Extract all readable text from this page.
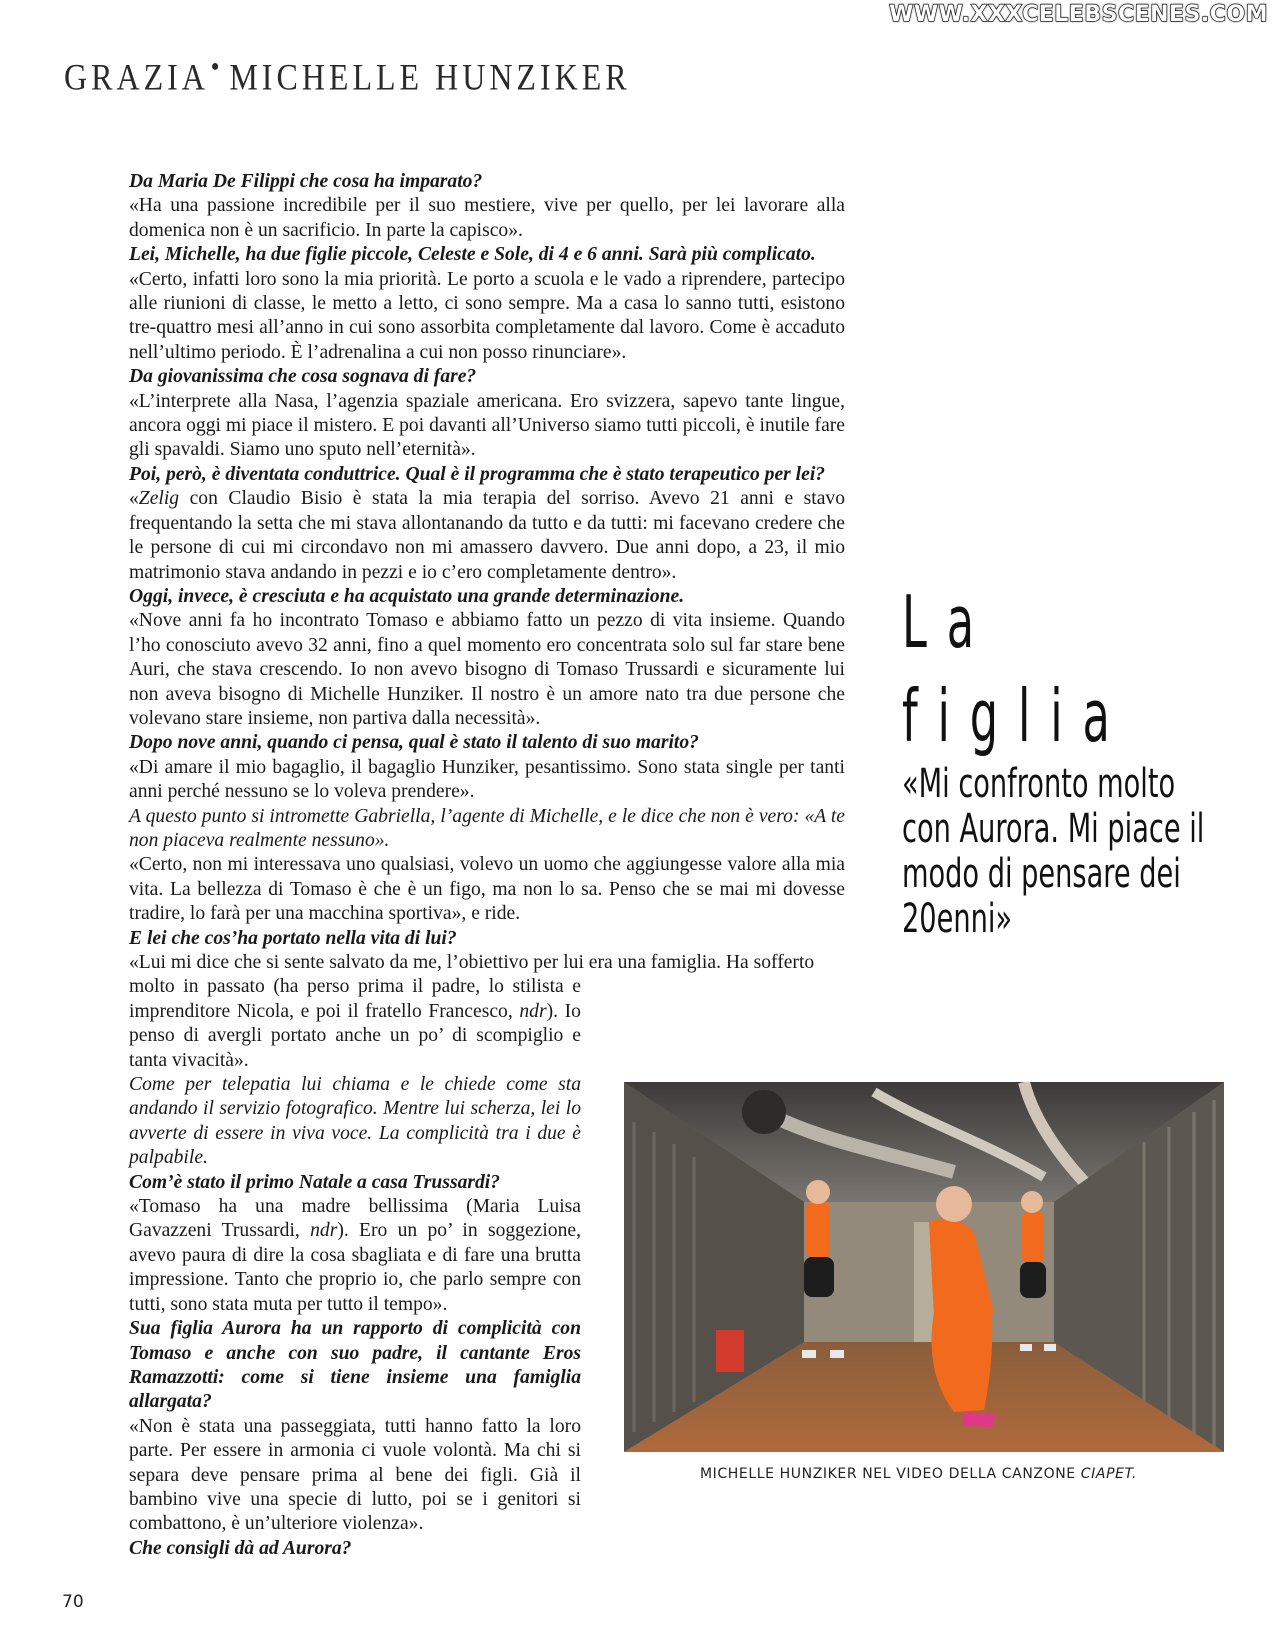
WWW.XXXCELEBSCENES.COM
GRAZIA ● MICHELLE HUNZIKER

Da Maria De Filippi che cosa ha imparato?

«Ha una passione incredibile per il suo mestiere, vive per quello, per lei lavorare alla domenica non è un sacrificio. In parte la capisco».

Lei, Michelle, ha due figlie piccole, Celeste e Sole, di 4 e 6 anni. Sarà più complicato.

«Certo, infatti loro sono la mia priorità. Le porto a scuola e le vado a riprendere, partecipo alle riunioni di classe, le metto a letto, ci sono sempre. Ma a casa lo sanno tutti, esistono tre-quattro mesi all’anno in cui sono assorbita completamente dal lavoro. Come è accaduto nell’ultimo periodo. È l’adrenalina a cui non posso rinunciare».

Da giovanissima che cosa sognava di fare?

«L’interprete alla Nasa, l’agenzia spaziale americana. Ero svizzera, sapevo tante lingue, ancora oggi mi piace il mistero. E poi davanti all’Universo siamo tutti piccoli, è inutile fare gli spavaldi. Siamo uno sputo nell’eternità».

Poi, però, è diventata conduttrice. Qual è il programma che è stato terapeutico per lei?

«Zelig con Claudio Bisio è stata la mia terapia del sorriso. Avevo 21 anni e stavo frequentando la setta che mi stava allontanando da tutto e da tutti: mi facevano credere che le persone di cui mi circondavo non mi amassero davvero. Due anni dopo, a 23, il mio matrimonio stava andando in pezzi e io c’ero completamente dentro».

Oggi, invece, è cresciuta e ha acquistato una grande determinazione.

«Nove anni fa ho incontrato Tomaso e abbiamo fatto un pezzo di vita insieme. Quando l’ho conosciuto avevo 32 anni, fino a quel momento ero concentrata solo sul far stare bene Auri, che stava crescendo. Io non avevo bisogno di Tomaso Trussardi e sicuramente lui non aveva bisogno di Michelle Hunziker. Il nostro è un amore nato tra due persone che volevano stare insieme, non partiva dalla necessità».

Dopo nove anni, quando ci pensa, qual è stato il talento di suo marito?

«Di amare il mio bagaglio, il bagaglio Hunziker, pesantissimo. Sono stata single per tanti anni perché nessuno se lo voleva prendere».

A questo punto si intromette Gabriella, l’agente di Michelle, e le dice che non è vero: «A te non piaceva realmente nessuno».

«Certo, non mi interessava uno qualsiasi, volevo un uomo che aggiungesse valore alla mia vita. La bellezza di Tomaso è che è un figo, ma non lo sa. Penso che se mai mi dovesse tradire, lo farà per una macchina sportiva», e ride.

E lei che cos’ha portato nella vita di lui?

«Lui mi dice che si sente salvato da me, l’obiettivo per lui era una famiglia. Ha sofferto

molto in passato (ha perso prima il padre, lo stilista e imprenditore Nicola, e poi il fratello Francesco, ndr). Io penso di avergli portato anche un po’ di scompiglio e tanta vivacità».

Come per telepatia lui chiama e le chiede come sta andando il servizio fotografico. Mentre lui scherza, lei lo avverte di essere in viva voce. La complicità tra i due è palpabile.

Com’è stato il primo Natale a casa Trussardi?

«Tomaso ha una madre bellissima (Maria Luisa Gavazzeni Trussardi, ndr). Ero un po’ in soggezione, avevo paura di dire la cosa sbagliata e di fare una brutta impressione. Tanto che proprio io, che parlo sempre con tutti, sono stata muta per tutto il tempo».

Sua figlia Aurora ha un rapporto di complicità con Tomaso e anche con suo padre, il cantante Eros Ramazzotti: come si tiene insieme una famiglia allargata?

«Non è stata una passeggiata, tutti hanno fatto la loro parte. Per essere in armonia ci vuole volontà. Ma chi si separa deve pensare prima al bene dei figli. Già il bambino vive una specie di lutto, poi se i genitori si combattono, è un’ulteriore violenza».

Che consigli dà ad Aurora?

La
figlia
«Mi confronto molto con Aurora. Mi piace il modo di pensare dei 20enni»
MICHELLE HUNZIKER NEL VIDEO DELLA CANZONE CIAPET.
70
